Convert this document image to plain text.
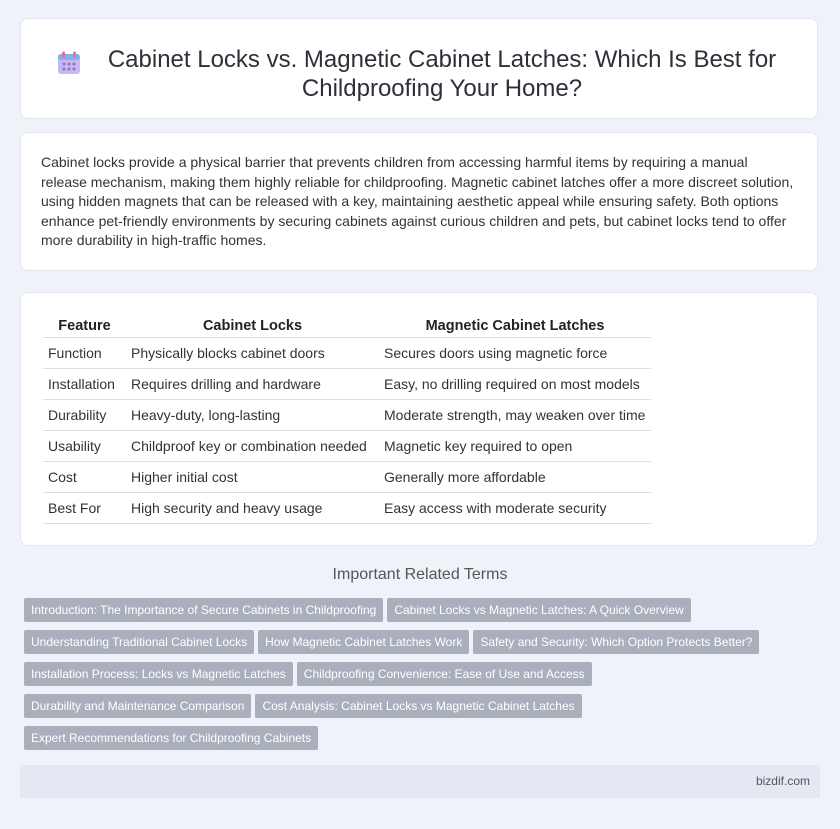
Cabinet Locks vs. Magnetic Cabinet Latches: Which Is Best for Childproofing Your Home?

Cabinet locks provide a physical barrier that prevents children from accessing harmful items by requiring a manual release mechanism, making them highly reliable for childproofing. Magnetic cabinet latches offer a more discreet solution, using hidden magnets that can be released with a key, maintaining aesthetic appeal while ensuring safety. Both options enhance pet-friendly environments by securing cabinets against curious children and pets, but cabinet locks tend to offer more durability in high-traffic homes.

Feature	Cabinet Locks	Magnetic Cabinet Latches
Function	Physically blocks cabinet doors	Secures doors using magnetic force
Installation	Requires drilling and hardware	Easy, no drilling required on most models
Durability	Heavy-duty, long-lasting	Moderate strength, may weaken over time
Usability	Childproof key or combination needed	Magnetic key required to open
Cost	Higher initial cost	Generally more affordable
Best For	High security and heavy usage	Easy access with moderate security
Important Related Terms
Introduction: The Importance of Secure Cabinets in Childproofing Cabinet Locks vs Magnetic Latches: A Quick Overview
Understanding Traditional Cabinet Locks How Magnetic Cabinet Latches Work Safety and Security: Which Option Protects Better?
Installation Process: Locks vs Magnetic Latches Childproofing Convenience: Ease of Use and Access
Durability and Maintenance Comparison Cost Analysis: Cabinet Locks vs Magnetic Cabinet Latches
Expert Recommendations for Childproofing Cabinets
bizdif.com
